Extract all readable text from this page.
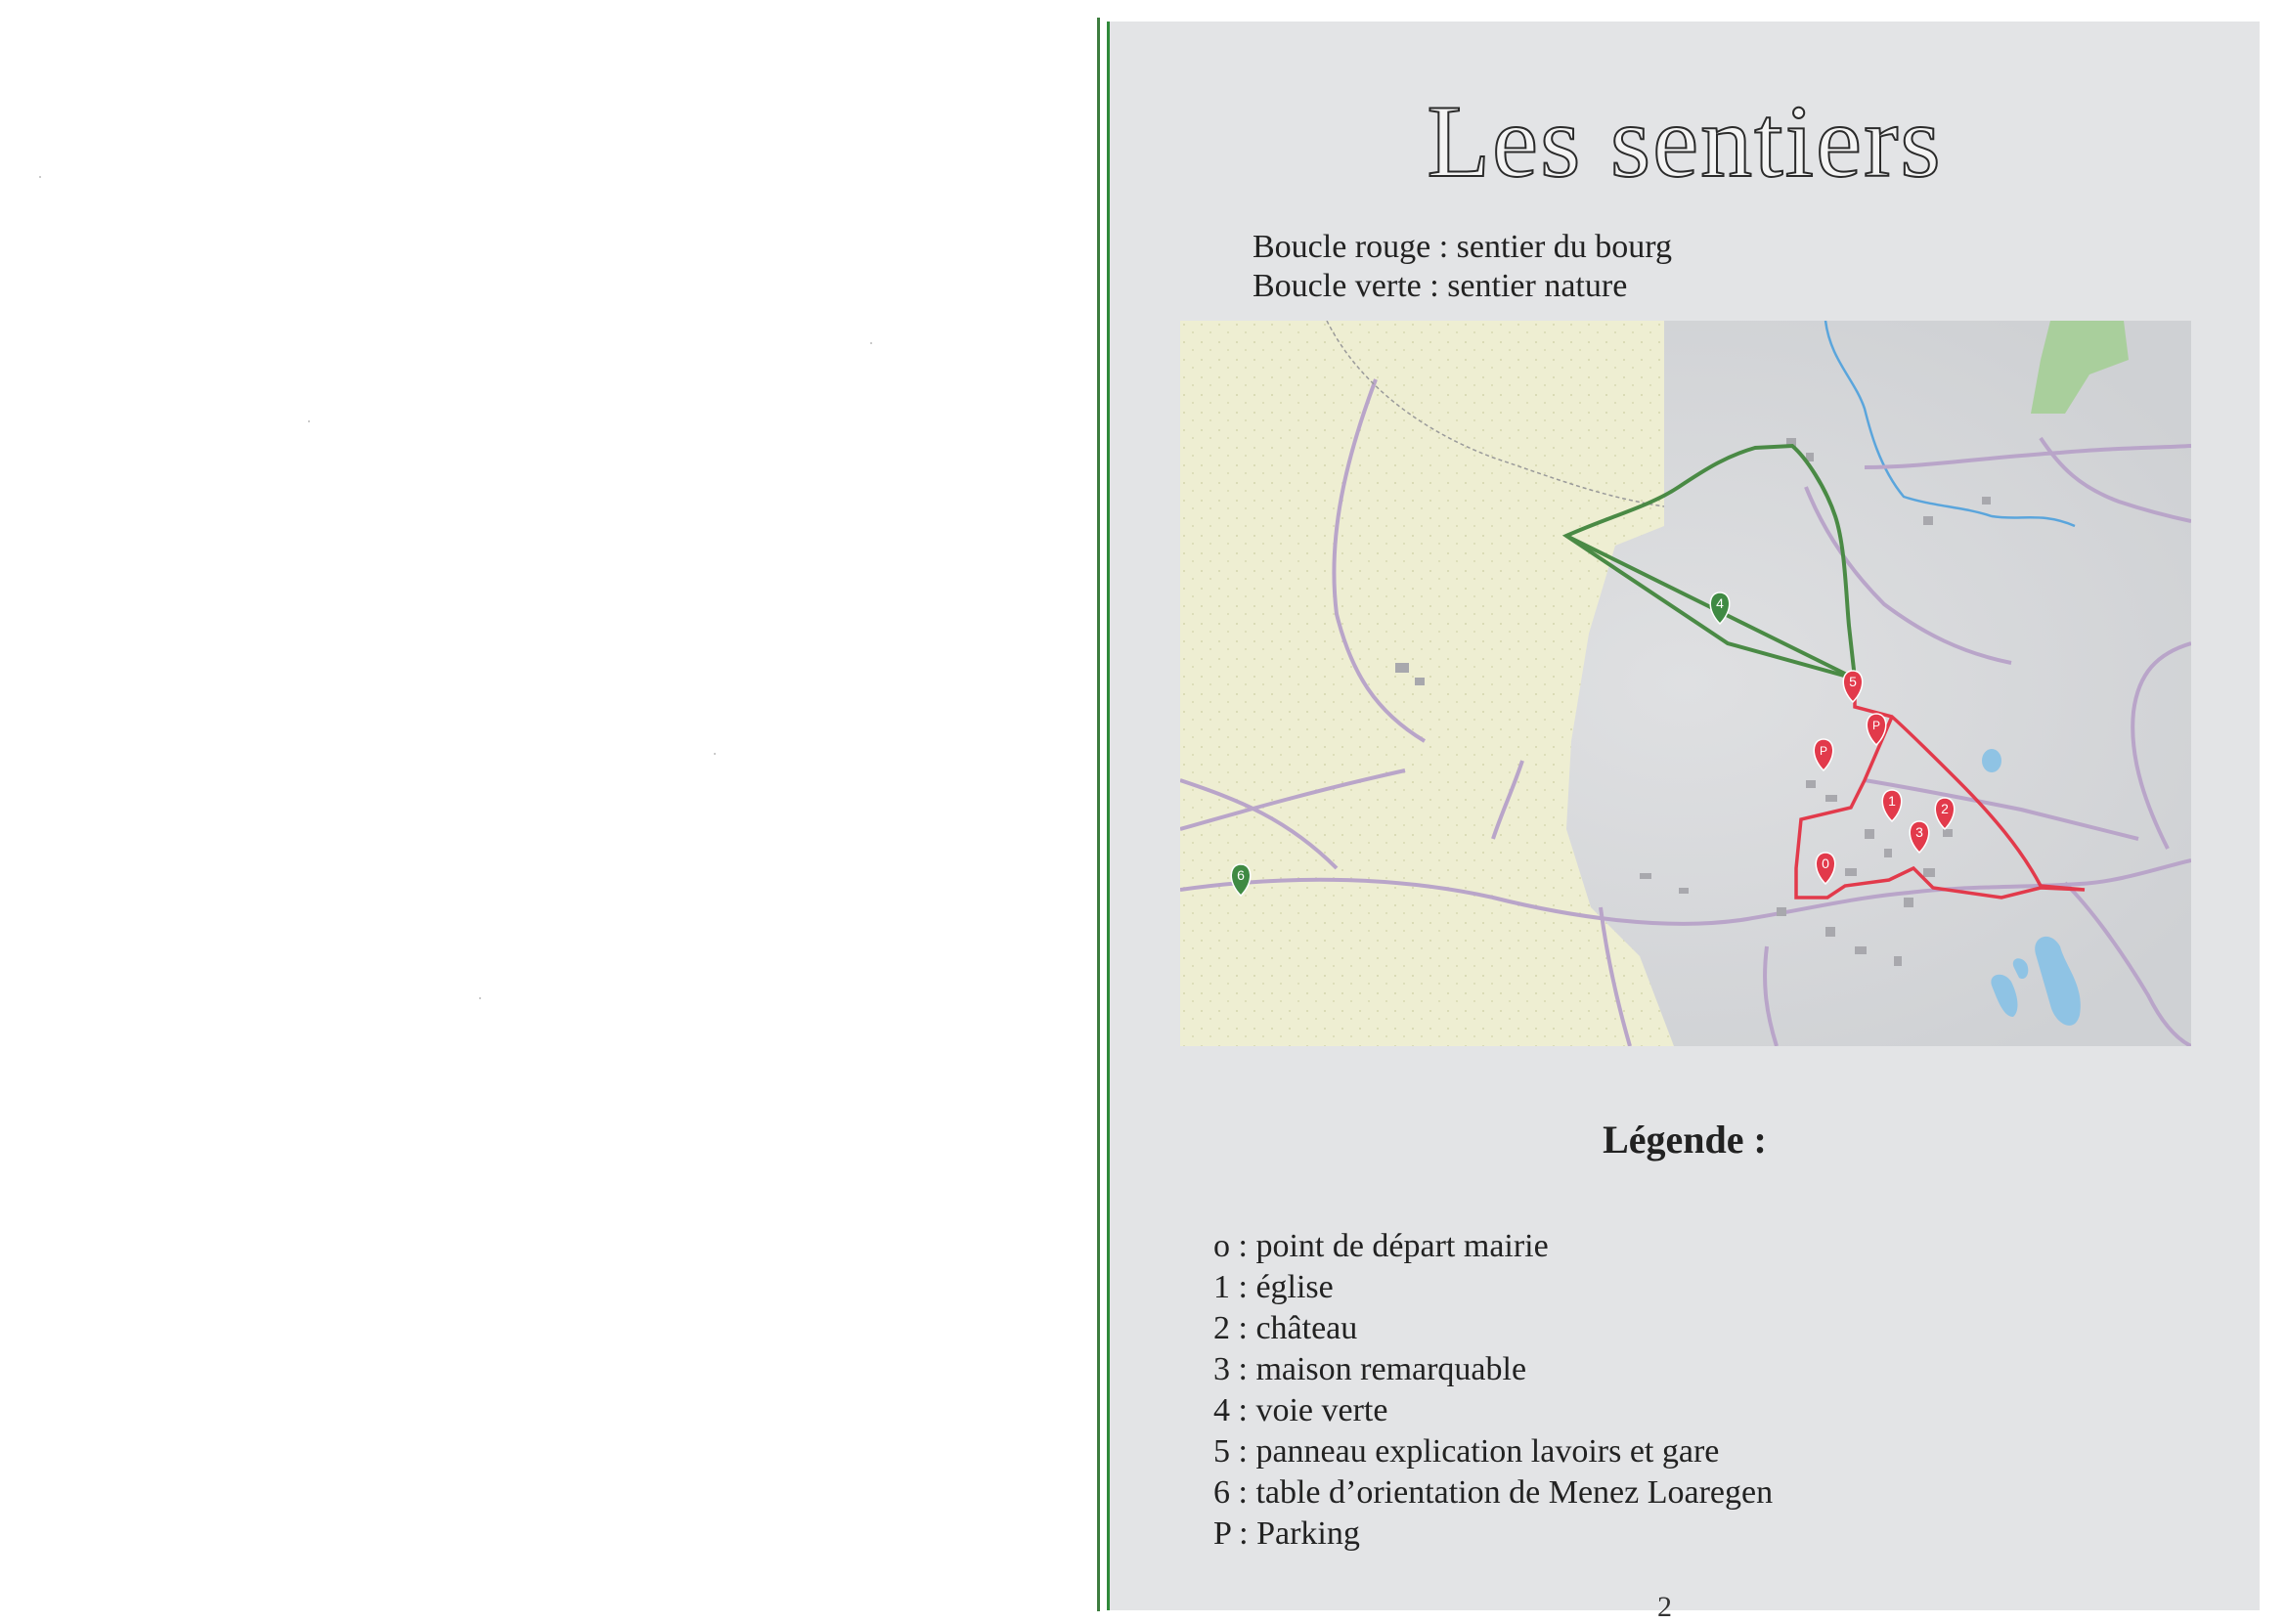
Les sentiers
Boucle rouge : sentier du bourg
Boucle verte : sentier nature
0
1	2
3
4
5
6
P
P
Légende :
o : point de départ mairie
1 : église
2 : château
3 : maison remarquable
4 : voie verte
5 : panneau explication lavoirs et gare
6 : table d’orientation de Menez Loaregen
P : Parking
2
